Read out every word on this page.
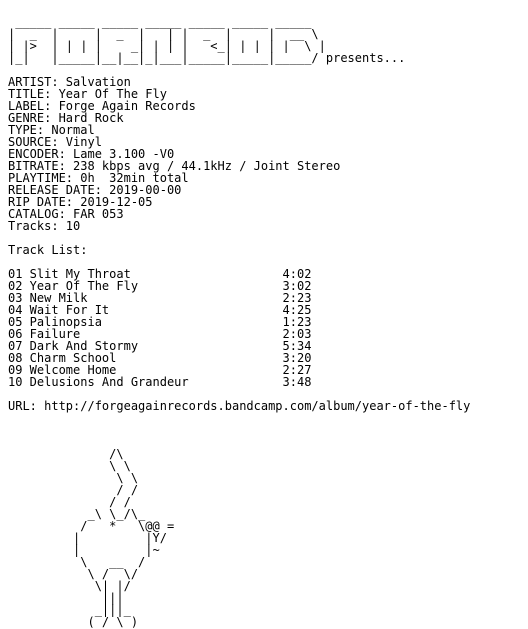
_____ _____ _____ _____ _____ _____ _____
|  _  |     |  _  |   | |  _  |     |  __ \
| |>  | | | |    _| | | |   <_| | | | |  \ |
|_|   |_____|__|__|_|___|_____|_____|_____/ presents...
ARTIST: Salvation
TITLE: Year Of The Fly
LABEL: Forge Again Records
GENRE: Hard Rock
TYPE: Normal
SOURCE: Vinyl
ENCODER: Lame 3.100 -V0
BITRATE: 238 kbps avg / 44.1kHz / Joint Stereo
PLAYTIME: 0h  32min total
RELEASE DATE: 2019-00-00
RIP DATE: 2019-12-05
CATALOG: FAR 053
Tracks: 10
Track List:
01 Slit My Throat                     4:02
02 Year Of The Fly                    3:02
03 New Milk                           2:23
04 Wait For It                        4:25
05 Palinopsia                         1:23
06 Failure                            2:03
07 Dark And Stormy                    5:34
08 Charm School                       3:20
09 Welcome Home                       2:27
10 Delusions And Grandeur             3:48
URL: http://forgeagainrecords.bandcamp.com/album/year-of-the-fly
/\
\ \
\ \
/ /
/ /
_\ \_/\_
/   *   \@@ =
|         |Y/
|         |~
\   __  /
\ /  \/
\| |/
|||
_|||_
( / \ )
